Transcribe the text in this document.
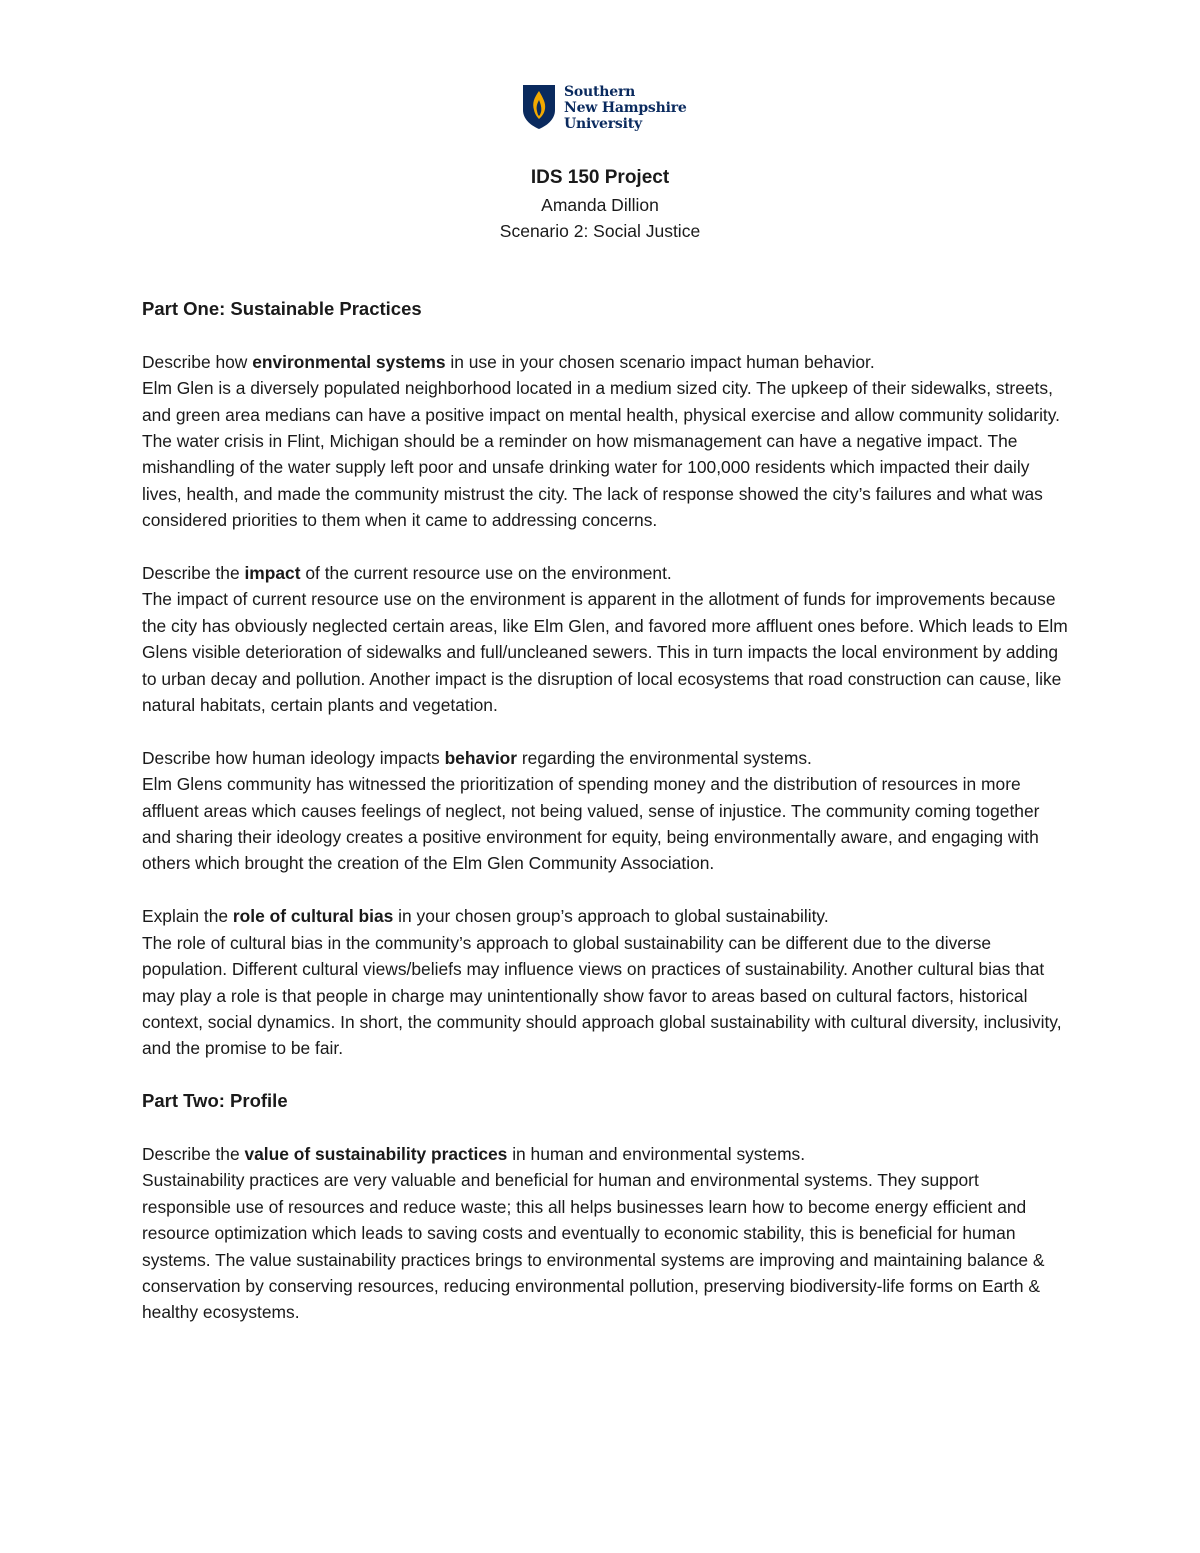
Southern
New Hampshire
University
IDS 150 Project
Amanda Dillion
Scenario 2: Social Justice

Part One: Sustainable Practices

Describe how environmental systems in use in your chosen scenario impact human behavior.

Elm Glen is a diversely populated neighborhood located in a medium sized city. The upkeep of their sidewalks, streets, and green area medians can have a positive impact on mental health, physical exercise and allow community solidarity. The water crisis in Flint, Michigan should be a reminder on how mismanagement can have a negative impact. The mishandling of the water supply left poor and unsafe drinking water for 100,000 residents which impacted their daily lives, health, and made the community mistrust the city. The lack of response showed the city’s failures and what was considered priorities to them when it came to addressing concerns.

Describe the impact of the current resource use on the environment.

The impact of current resource use on the environment is apparent in the allotment of funds for improvements because the city has obviously neglected certain areas, like Elm Glen, and favored more affluent ones before. Which leads to Elm Glens visible deterioration of sidewalks and full/uncleaned sewers. This in turn impacts the local environment by adding to urban decay and pollution. Another impact is the disruption of local ecosystems that road construction can cause, like natural habitats, certain plants and vegetation.

Describe how human ideology impacts behavior regarding the environmental systems.

Elm Glens community has witnessed the prioritization of spending money and the distribution of resources in more affluent areas which causes feelings of neglect, not being valued, sense of injustice. The community coming together and sharing their ideology creates a positive environment for equity, being environmentally aware, and engaging with others which brought the creation of the Elm Glen Community Association.

Explain the role of cultural bias in your chosen group’s approach to global sustainability.

The role of cultural bias in the community’s approach to global sustainability can be different due to the diverse population. Different cultural views/beliefs may influence views on practices of sustainability. Another cultural bias that may play a role is that people in charge may unintentionally show favor to areas based on cultural factors, historical context, social dynamics. In short, the community should approach global sustainability with cultural diversity, inclusivity, and the promise to be fair.

Part Two: Profile

Describe the value of sustainability practices in human and environmental systems.

Sustainability practices are very valuable and beneficial for human and environmental systems. They support responsible use of resources and reduce waste; this all helps businesses learn how to become energy efficient and resource optimization which leads to saving costs and eventually to economic stability, this is beneficial for human systems. The value sustainability practices brings to environmental systems are improving and maintaining balance & conservation by conserving resources, reducing environmental pollution, preserving biodiversity-life forms on Earth & healthy ecosystems.
